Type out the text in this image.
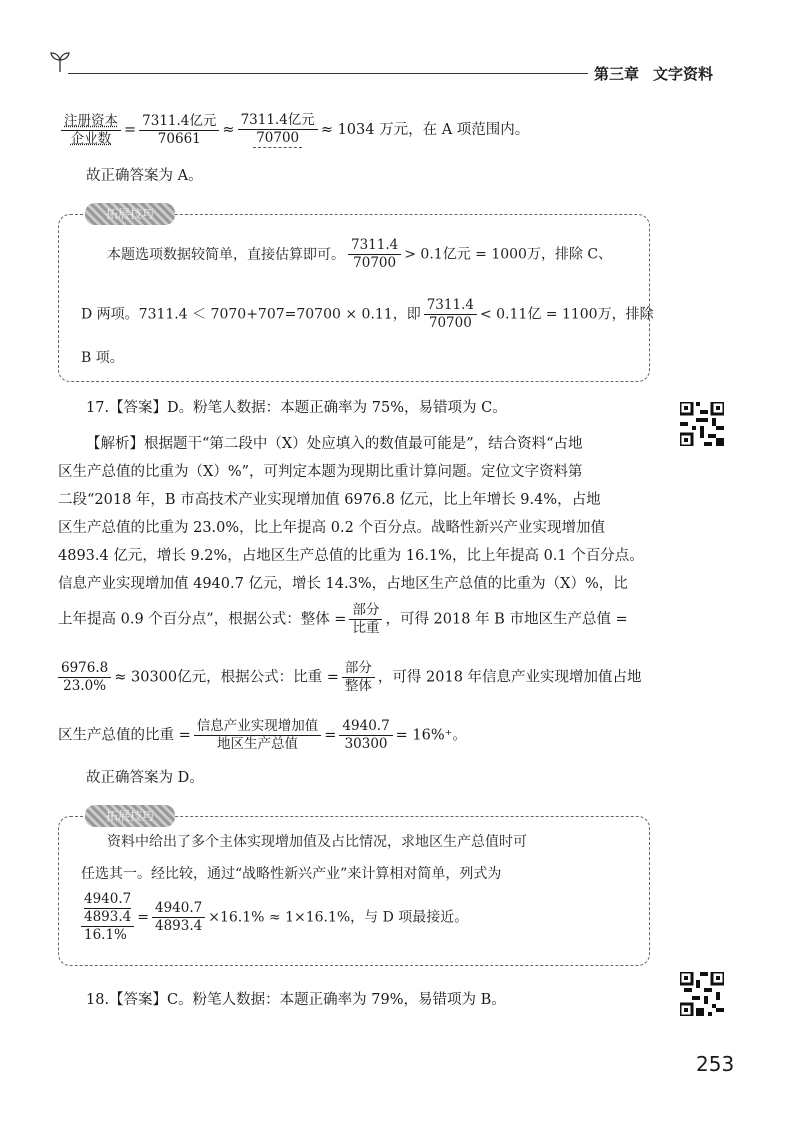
第三章 文字资料
$\frac{\text{注册资本}}{\text{企业数}} = \frac{\text{7311.4亿元}}{70661} \approx \frac{\text{7311.4亿元}}{70700} \approx 1034$ 万元，在 A 项范围内。
故正确答案为 A。
拓展技巧
本题选项数据较简单，直接估算即可。 $\frac{7311.4}{70700} > 0.1$亿元 = 1000万，排除 C、
D 两项。7311.4 ＜ 7070+707=70700 × 0.11，即 $\frac{7311.4}{70700} < 0.11$亿 = 1100万，排除
B 项。
17.【答案】D。粉笔人数据：本题正确率为 75%，易错项为 C。
【解析】根据题干“第二段中（X）处应填入的数值最可能是”，结合资料“占地
区生产总值的比重为（X）%”，可判定本题为现期比重计算问题。定位文字资料第
二段“2018 年，B 市高技术产业实现增加值 6976.8 亿元，比上年增长 9.4%，占地
区生产总值的比重为 23.0%，比上年提高 0.2 个百分点。战略性新兴产业实现增加值
4893.4 亿元，增长 9.2%，占地区生产总值的比重为 16.1%，比上年提高 0.1 个百分点。
信息产业实现增加值 4940.7 亿元，增长 14.3%，占地区生产总值的比重为（X）%，比
上年提高 0.9 个百分点”，根据公式：整体 = $\frac{\text{部分}}{\text{比重}}$ ，可得 2018 年 B 市地区生产总值 =
$\frac{6976.8}{23.0\%} \approx 30300$亿元，根据公式：比重 = $\frac{\text{部分}}{\text{整体}}$ ，可得 2018 年信息产业实现增加值占地
区生产总值的比重 = $\frac{\text{信息产业实现增加值}}{\text{地区生产总值}} = \frac{4940.7}{30300} = 16\%^+$。
故正确答案为 D。
拓展技巧
资料中给出了多个主体实现增加值及占比情况，求地区生产总值时可
任选其一。经比较，通过“战略性新兴产业”来计算相对简单，列式为
4940.7
4893.4
$16.1\% = \frac{4940.7}{4893.4} \times 16.1\% \approx 1\times 16.1\%$，与 D 项最接近。
18.【答案】C。粉笔人数据：本题正确率为 79%，易错项为 B。
253
